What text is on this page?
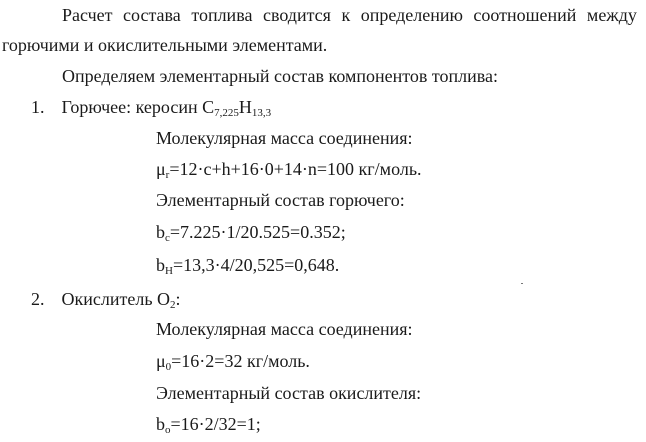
Расчет состава топлива сводится к определению соотношений между
горючими и окислительными элементами.
Определяем элементарный состав компонентов топлива:
1. Горючее: керосин $C_{7,225}H_{13,3}$
Молекулярная масса соединения:
$\mu_r=12\cdot c+h+16\cdot 0+14\cdot n=100$ кг/моль.
Элементарный состав горючего:
$b_c=7.225\cdot 1/20.525=0.352$;
$b_H=13,3\cdot 4/20,525=0,648$.
2. Окислитель $O_2$:
Молекулярная масса соединения:
$\mu_0=16\cdot 2=32$ кг/моль.
Элементарный состав окислителя:
$b_o=16\cdot 2/32=1$;
